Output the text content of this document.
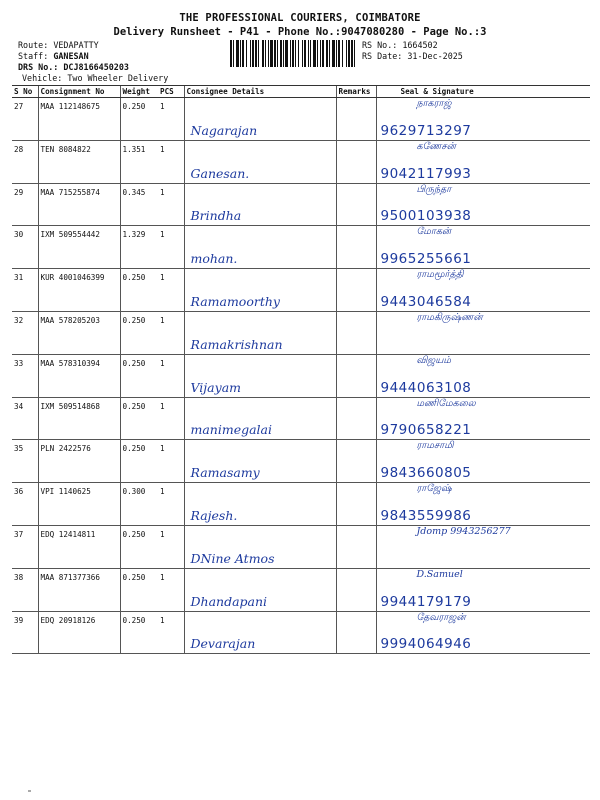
THE PROFESSIONAL COURIERS, COIMBATORE
Delivery Runsheet - P41 - Phone No.:9047080280 - Page No.:3
Route: VEDAPATTY
Staff: GANESAN
DRS No.: DCJ8166450203
Vehicle: Two Wheeler Delivery
RS No.: 1664502
RS Date: 31-Dec-2025
S No	Consignment No	Weight	PCS	Consignee Details	Remarks	Seal & Signature
27	MAA 112148675	0.250	1	Nagarajan		நாகராஜ்
9629713297

28	TEN 8084822	1.351	1	Ganesan.		கணேசன்
9042117993

29	MAA 715255874	0.345	1	Brindha		பிருந்தா
9500103938

30	IXM 509554442	1.329	1	mohan.		மோகன்
9965255661

31	KUR 4001046399	0.250	1	Ramamoorthy		ராமமூர்த்தி
9443046584

32	MAA 578205203	0.250	1	Ramakrishnan		ராமகிருஷ்ணன்

33	MAA 578310394	0.250	1	Vijayam		விஜயம்
9444063108

34	IXM 509514868	0.250	1	manimegalai		மணிமேகலை
9790658221

35	PLN 2422576	0.250	1	Ramasamy		ராமசாமி
9843660805

36	VPI 1140625	0.300	1	Rajesh.		ராஜேஷ்
9843559986

37	EDQ 12414811	0.250	1	DNine Atmos		Jdomp 9943256277

38	MAA 871377366	0.250	1	Dhandapani		D.Samuel
9944179179

39	EDQ 20918126	0.250	1	Devarajan		தேவராஜன்
9994064946
